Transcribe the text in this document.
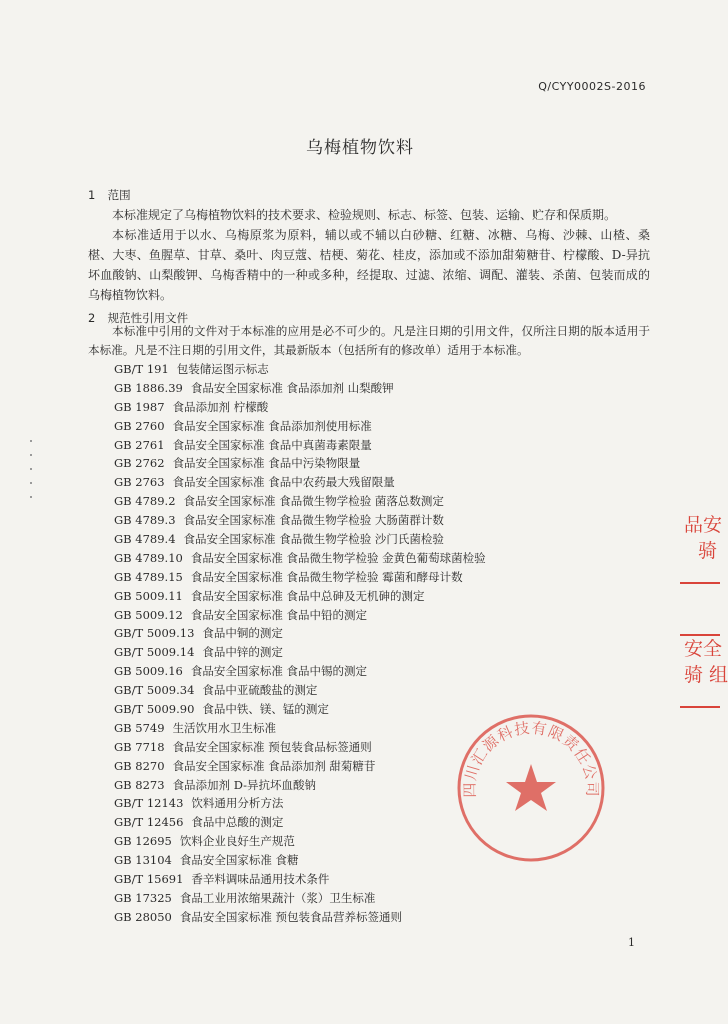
Q/CYY0002S-2016
乌梅植物饮料
1 范围

本标准规定了乌梅植物饮料的技术要求、检验规则、标志、标签、包装、运输、贮存和保质期。

本标准适用于以水、乌梅原浆为原料，辅以或不辅以白砂糖、红糖、冰糖、乌梅、沙棘、山楂、桑椹、大枣、鱼腥草、甘草、桑叶、肉豆蔻、桔梗、菊花、桂皮，添加或不添加甜菊糖苷、柠檬酸、D-异抗坏血酸钠、山梨酸钾、乌梅香精中的一种或多种，经提取、过滤、浓缩、调配、灌装、杀菌、包装而成的乌梅植物饮料。

2 规范性引用文件

本标准中引用的文件对于本标准的应用是必不可少的。凡是注日期的引用文件，仅所注日期的版本适用于本标准。凡是不注日期的引用文件，其最新版本（包括所有的修改单）适用于本标准。

GB/T 191 包装储运图示标志
GB 1886.39 食品安全国家标准 食品添加剂 山梨酸钾
GB 1987 食品添加剂 柠檬酸
GB 2760 食品安全国家标准 食品添加剂使用标准
GB 2761 食品安全国家标准 食品中真菌毒素限量
GB 2762 食品安全国家标准 食品中污染物限量
GB 2763 食品安全国家标准 食品中农药最大残留限量
GB 4789.2 食品安全国家标准 食品微生物学检验 菌落总数测定
GB 4789.3 食品安全国家标准 食品微生物学检验 大肠菌群计数
GB 4789.4 食品安全国家标准 食品微生物学检验 沙门氏菌检验
GB 4789.10 食品安全国家标准 食品微生物学检验 金黄色葡萄球菌检验
GB 4789.15 食品安全国家标准 食品微生物学检验 霉菌和酵母计数
GB 5009.11 食品安全国家标准 食品中总砷及无机砷的测定
GB 5009.12 食品安全国家标准 食品中铅的测定
GB/T 5009.13 食品中铜的测定
GB/T 5009.14 食品中锌的测定
GB 5009.16 食品安全国家标准 食品中锡的测定
GB/T 5009.34 食品中亚硫酸盐的测定
GB/T 5009.90 食品中铁、镁、锰的测定
GB 5749 生活饮用水卫生标准
GB 7718 食品安全国家标准 预包装食品标签通则
GB 8270 食品安全国家标准 食品添加剂 甜菊糖苷
GB 8273 食品添加剂 D-异抗坏血酸钠
GB/T 12143 饮料通用分析方法
GB/T 12456 食品中总酸的测定
GB 12695 饮料企业良好生产规范
GB 13104 食品安全国家标准 食糖
GB/T 15691 香辛料调味品通用技术条件
GB 17325 食品工业用浓缩果蔬汁（浆）卫生标准
GB 28050 食品安全国家标准 预包装食品营养标签通则
1
品安
骑
安全
骑 组
四川汇源科技有限责任公司
